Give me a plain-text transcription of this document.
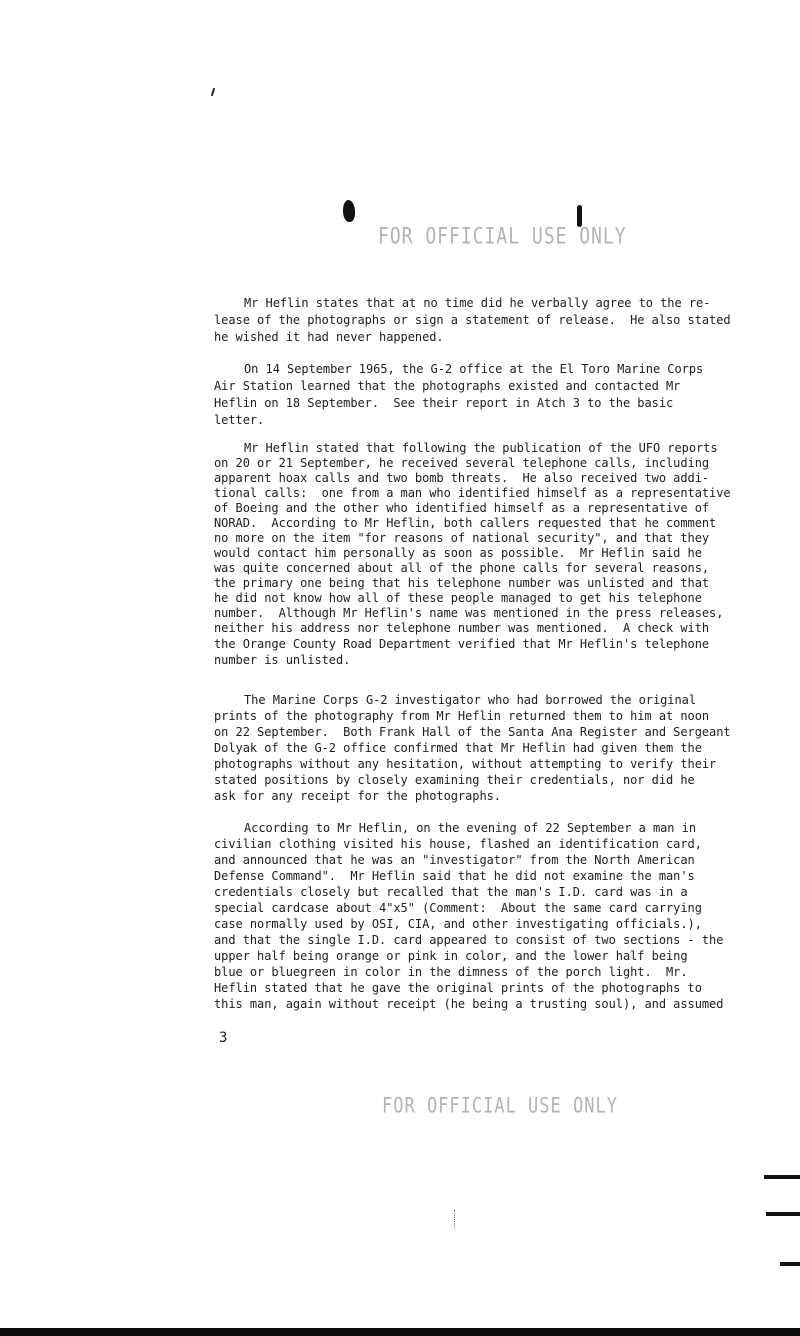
FOR OFFICIAL USE ONLY
Mr Heflin states that at no time did he verbally agree to the re-
lease of the photographs or sign a statement of release.  He also stated
he wished it had never happened.
On 14 September 1965, the G-2 office at the El Toro Marine Corps
Air Station learned that the photographs existed and contacted Mr
Heflin on 18 September.  See their report in Atch 3 to the basic
letter.
Mr Heflin stated that following the publication of the UFO reports
on 20 or 21 September, he received several telephone calls, including
apparent hoax calls and two bomb threats.  He also received two addi-
tional calls:  one from a man who identified himself as a representative
of Boeing and the other who identified himself as a representative of
NORAD.  According to Mr Heflin, both callers requested that he comment
no more on the item "for reasons of national security", and that they
would contact him personally as soon as possible.  Mr Heflin said he
was quite concerned about all of the phone calls for several reasons,
the primary one being that his telephone number was unlisted and that
he did not know how all of these people managed to get his telephone
number.  Although Mr Heflin's name was mentioned in the press releases,
neither his address nor telephone number was mentioned.  A check with
the Orange County Road Department verified that Mr Heflin's telephone
number is unlisted.
The Marine Corps G-2 investigator who had borrowed the original
prints of the photography from Mr Heflin returned them to him at noon
on 22 September.  Both Frank Hall of the Santa Ana Register and Sergeant
Dolyak of the G-2 office confirmed that Mr Heflin had given them the
photographs without any hesitation, without attempting to verify their
stated positions by closely examining their credentials, nor did he
ask for any receipt for the photographs.
According to Mr Heflin, on the evening of 22 September a man in
civilian clothing visited his house, flashed an identification card,
and announced that he was an "investigator" from the North American
Defense Command".  Mr Heflin said that he did not examine the man's
credentials closely but recalled that the man's I.D. card was in a
special cardcase about 4"x5" (Comment:  About the same card carrying
case normally used by OSI, CIA, and other investigating officials.),
and that the single I.D. card appeared to consist of two sections - the
upper half being orange or pink in color, and the lower half being
blue or bluegreen in color in the dimness of the porch light.  Mr.
Heflin stated that he gave the original prints of the photographs to
this man, again without receipt (he being a trusting soul), and assumed
3
FOR OFFICIAL USE ONLY
